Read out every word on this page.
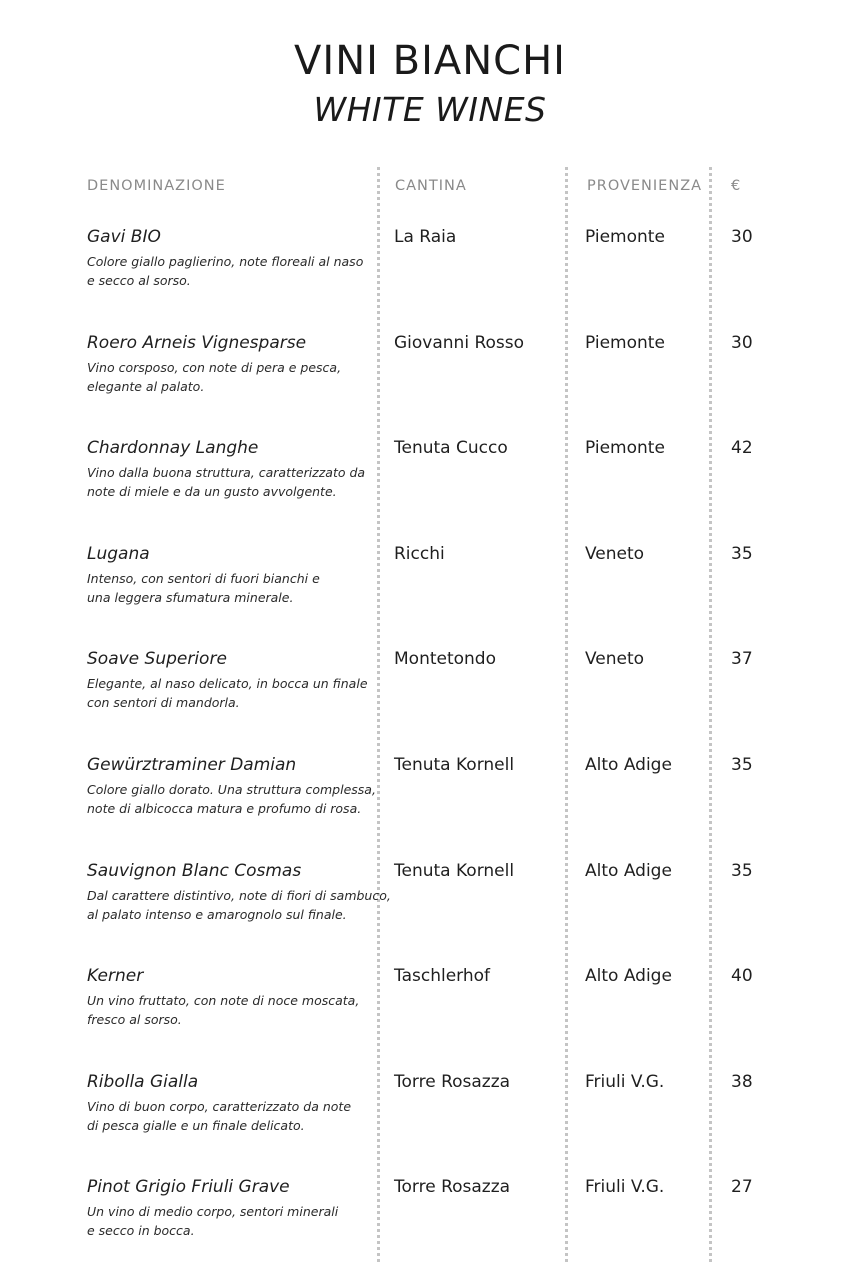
VINI BIANCHI
WHITE WINES
DENOMINAZIONE	CANTINA	PROVENIENZA €
Gavi BIO
Colore giallo paglierino, note floreali al naso
e secco al sorso.
La Raia	Piemonte	30
Roero Arneis Vignesparse
Vino corsposo, con note di pera e pesca,
elegante al palato.
Giovanni Rosso	Piemonte	30
Chardonnay Langhe
Vino dalla buona struttura, caratterizzato da
note di miele e da un gusto avvolgente.
Tenuta Cucco	Piemonte	42
Lugana
Intenso, con sentori di fuori bianchi e
una leggera sfumatura minerale.
Ricchi	Veneto	35
Soave Superiore
Elegante, al naso delicato, in bocca un finale
con sentori di mandorla.
Montetondo	Veneto	37
Gewürztraminer Damian
Colore giallo dorato. Una struttura complessa,
note di albicocca matura e profumo di rosa.
Tenuta Kornell	Alto Adige	35
Sauvignon Blanc Cosmas
Dal carattere distintivo, note di fiori di sambuco,
al palato intenso e amarognolo sul finale.
Tenuta Kornell	Alto Adige	35
Kerner
Un vino fruttato, con note di noce moscata,
fresco al sorso.
Taschlerhof	Alto Adige	40
Ribolla Gialla
Vino di buon corpo, caratterizzato da note
di pesca gialle e un finale delicato.
Torre Rosazza	Friuli V.G.	38
Pinot Grigio Friuli Grave
Un vino di medio corpo, sentori minerali
e secco in bocca.
Torre Rosazza	Friuli V.G.	27
